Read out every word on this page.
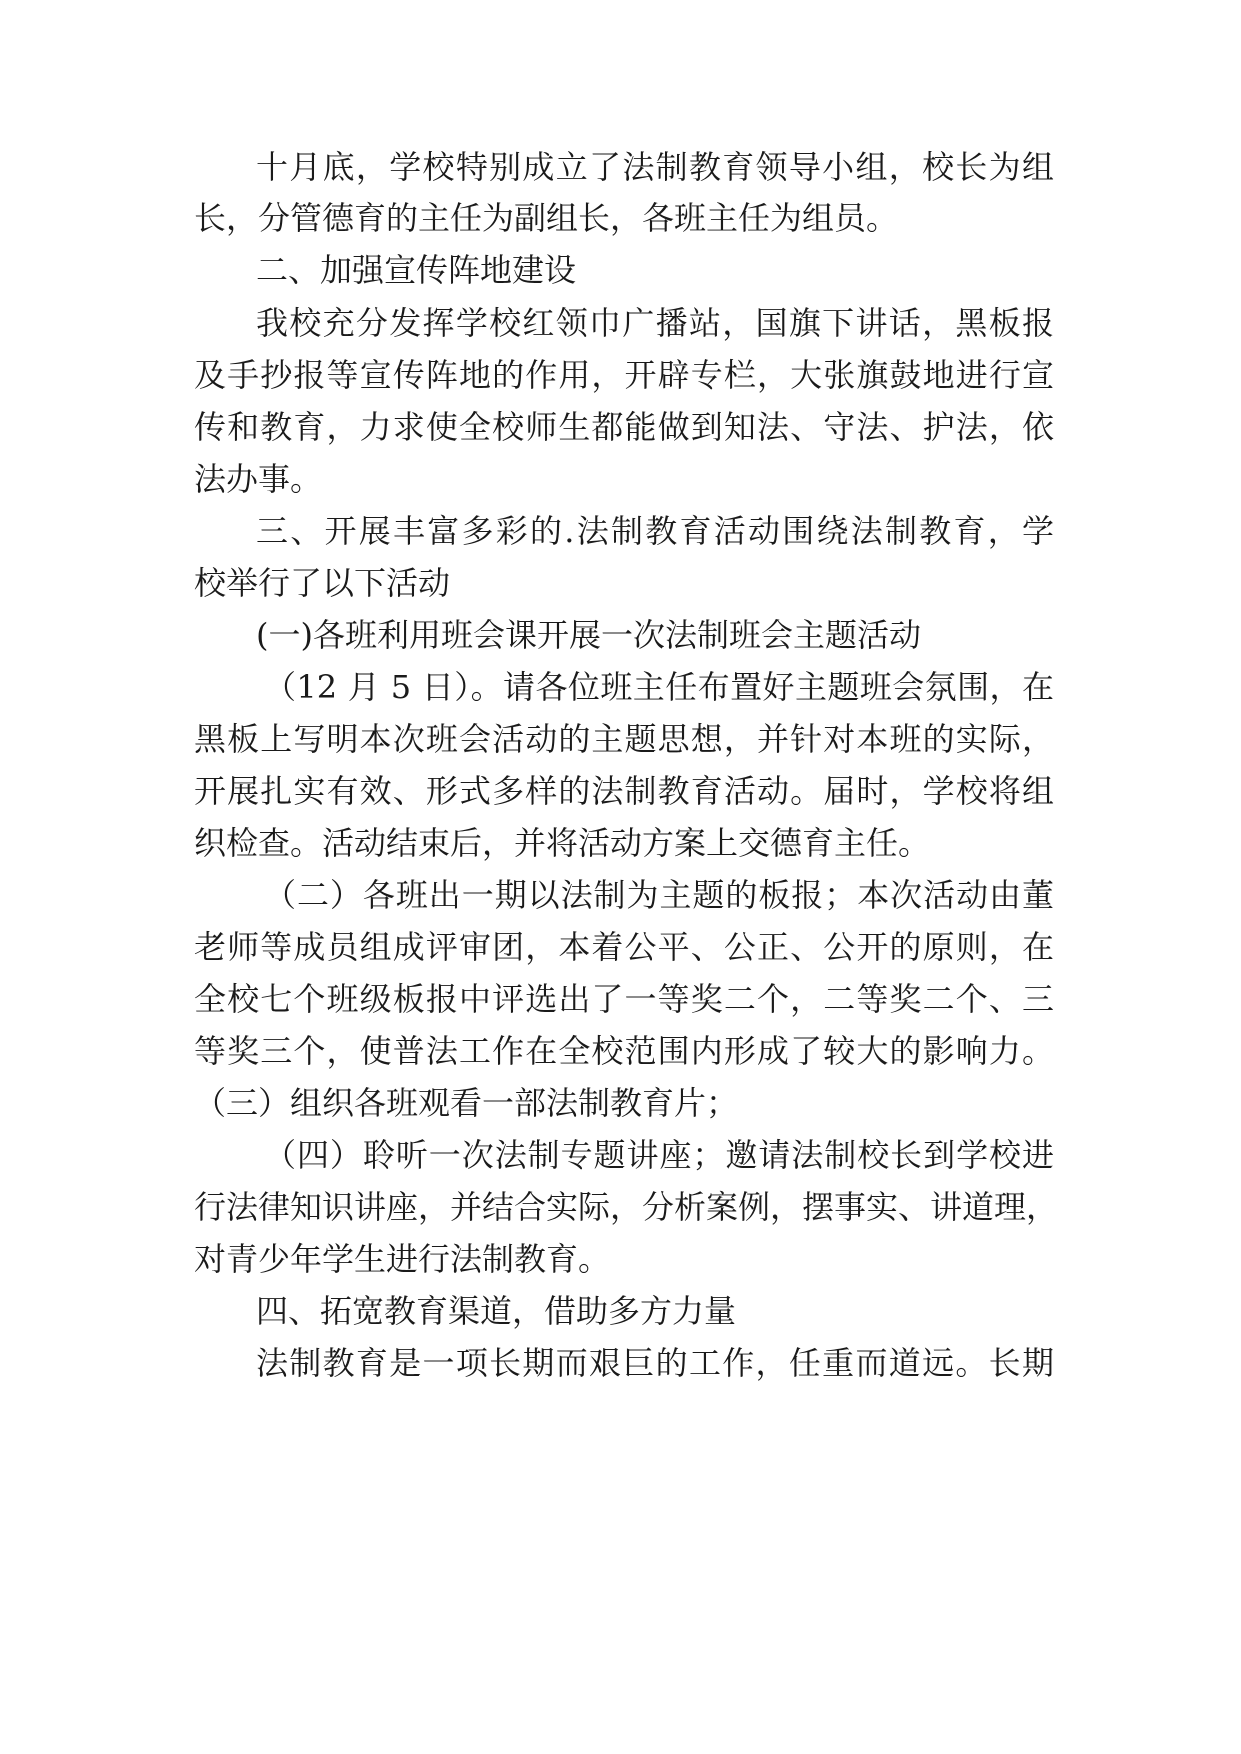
十月底，学校特别成立了法制教育领导小组，校长为组
长，分管德育的主任为副组长，各班主任为组员。
二、加强宣传阵地建设
我校充分发挥学校红领巾广播站，国旗下讲话，黑板报
及手抄报等宣传阵地的作用，开辟专栏，大张旗鼓地进行宣
传和教育，力求使全校师生都能做到知法、守法、护法，依
法办事。
三、开展丰富多彩的.法制教育活动围绕法制教育，学
校举行了以下活动
(一)各班利用班会课开展一次法制班会主题活动
（12 月 5 日）。请各位班主任布置好主题班会氛围，在
黑板上写明本次班会活动的主题思想，并针对本班的实际，
开展扎实有效、形式多样的法制教育活动。届时，学校将组
织检查。活动结束后，并将活动方案上交德育主任。
（二）各班出一期以法制为主题的板报；本次活动由董
老师等成员组成评审团，本着公平、公正、公开的原则，在
全校七个班级板报中评选出了一等奖二个，二等奖二个、三
等奖三个，使普法工作在全校范围内形成了较大的影响力。
（三）组织各班观看一部法制教育片；
（四）聆听一次法制专题讲座；邀请法制校长到学校进
行法律知识讲座，并结合实际，分析案例，摆事实、讲道理，
对青少年学生进行法制教育。
四、拓宽教育渠道，借助多方力量
法制教育是一项长期而艰巨的工作，任重而道远。长期
